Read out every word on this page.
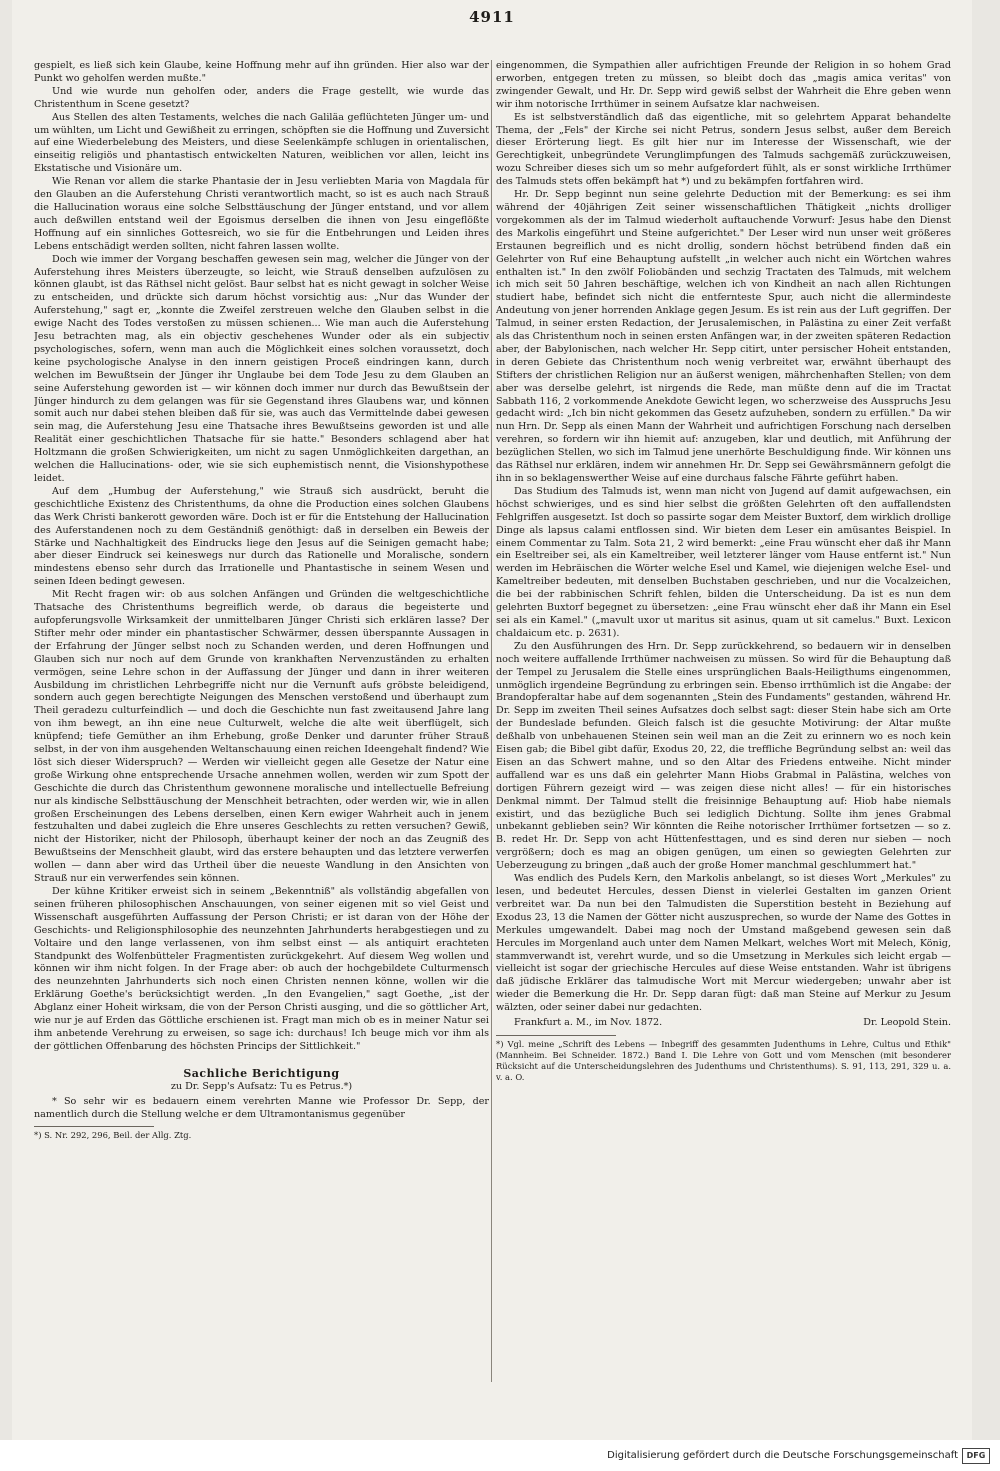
4911

gespielt, es ließ sich kein Glaube, keine Hoffnung mehr auf ihn gründen. Hier also war der Punkt wo geholfen werden mußte."

Und wie wurde nun geholfen oder, anders die Frage gestellt, wie wurde das Christenthum in Scene gesetzt?

Aus Stellen des alten Testaments, welches die nach Galiläa geflüchteten Jünger um- und um wühlten, um Licht und Gewißheit zu erringen, schöpften sie die Hoffnung und Zuversicht auf eine Wiederbelebung des Meisters, und diese Seelenkämpfe schlugen in orientalischen, einseitig religiös und phantastisch entwickelten Naturen, weiblichen vor allen, leicht ins Ekstatische und Visionäre um.

Wie Renan vor allem die starke Phantasie der in Jesu verliebten Maria von Magdala für den Glauben an die Auferstehung Christi verantwortlich macht, so ist es auch nach Strauß die Hallucination woraus eine solche Selbsttäuschung der Jünger entstand, und vor allem auch deßwillen entstand weil der Egoismus derselben die ihnen von Jesu eingeflößte Hoffnung auf ein sinnliches Gottesreich, wo sie für die Entbehrungen und Leiden ihres Lebens entschädigt werden sollten, nicht fahren lassen wollte.

Doch wie immer der Vorgang beschaffen gewesen sein mag, welcher die Jünger von der Auferstehung ihres Meisters überzeugte, so leicht, wie Strauß denselben aufzulösen zu können glaubt, ist das Räthsel nicht gelöst. Baur selbst hat es nicht gewagt in solcher Weise zu entscheiden, und drückte sich darum höchst vorsichtig aus: „Nur das Wunder der Auferstehung," sagt er, „konnte die Zweifel zerstreuen welche den Glauben selbst in die ewige Nacht des Todes verstoßen zu müssen schienen... Wie man auch die Auferstehung Jesu betrachten mag, als ein objectiv geschehenes Wunder oder als ein subjectiv psychologisches, sofern, wenn man auch die Möglichkeit eines solchen voraussetzt, doch keine psychologische Analyse in den innern geistigen Proceß eindringen kann, durch welchen im Bewußtsein der Jünger ihr Unglaube bei dem Tode Jesu zu dem Glauben an seine Auferstehung geworden ist — wir können doch immer nur durch das Bewußtsein der Jünger hindurch zu dem gelangen was für sie Gegenstand ihres Glaubens war, und können somit auch nur dabei stehen bleiben daß für sie, was auch das Vermittelnde dabei gewesen sein mag, die Auferstehung Jesu eine Thatsache ihres Bewußtseins geworden ist und alle Realität einer geschichtlichen Thatsache für sie hatte." Besonders schlagend aber hat Holtzmann die großen Schwierigkeiten, um nicht zu sagen Unmöglichkeiten dargethan, an welchen die Hallucinations- oder, wie sie sich euphemistisch nennt, die Visionshypothese leidet.

Auf dem „Humbug der Auferstehung," wie Strauß sich ausdrückt, beruht die geschichtliche Existenz des Christenthums, da ohne die Production eines solchen Glaubens das Werk Christi bankerott geworden wäre. Doch ist er für die Entstehung der Hallucination des Auferstandenen noch zu dem Geständniß genöthigt: daß in derselben ein Beweis der Stärke und Nachhaltigkeit des Eindrucks liege den Jesus auf die Seinigen gemacht habe; aber dieser Eindruck sei keineswegs nur durch das Rationelle und Moralische, sondern mindestens ebenso sehr durch das Irrationelle und Phantastische in seinem Wesen und seinen Ideen bedingt gewesen.

Mit Recht fragen wir: ob aus solchen Anfängen und Gründen die weltgeschichtliche Thatsache des Christenthums begreiflich werde, ob daraus die begeisterte und aufopferungsvolle Wirksamkeit der unmittelbaren Jünger Christi sich erklären lasse? Der Stifter mehr oder minder ein phantastischer Schwärmer, dessen überspannte Aussagen in der Erfahrung der Jünger selbst noch zu Schanden werden, und deren Hoffnungen und Glauben sich nur noch auf dem Grunde von krankhaften Nervenzuständen zu erhalten vermögen, seine Lehre schon in der Auffassung der Jünger und dann in ihrer weiteren Ausbildung im christlichen Lehrbegriffe nicht nur die Vernunft aufs gröbste beleidigend, sondern auch gegen berechtigte Neigungen des Menschen verstoßend und überhaupt zum Theil geradezu culturfeindlich — und doch die Geschichte nun fast zweitausend Jahre lang von ihm bewegt, an ihn eine neue Culturwelt, welche die alte weit überflügelt, sich knüpfend; tiefe Gemüther an ihm Erhebung, große Denker und darunter früher Strauß selbst, in der von ihm ausgehenden Weltanschauung einen reichen Ideengehalt findend? Wie löst sich dieser Widerspruch? — Werden wir vielleicht gegen alle Gesetze der Natur eine große Wirkung ohne entsprechende Ursache annehmen wollen, werden wir zum Spott der Geschichte die durch das Christenthum gewonnene moralische und intellectuelle Befreiung nur als kindische Selbsttäuschung der Menschheit betrachten, oder werden wir, wie in allen großen Erscheinungen des Lebens derselben, einen Kern ewiger Wahrheit auch in jenem festzuhalten und dabei zugleich die Ehre unseres Geschlechts zu retten versuchen? Gewiß, nicht der Historiker, nicht der Philosoph, überhaupt keiner der noch an das Zeugniß des Bewußtseins der Menschheit glaubt, wird das erstere behaupten und das letztere verwerfen wollen — dann aber wird das Urtheil über die neueste Wandlung in den Ansichten von Strauß nur ein verwerfendes sein können.

Der kühne Kritiker erweist sich in seinem „Bekenntniß" als vollständig abgefallen von seinen früheren philosophischen Anschauungen, von seiner eigenen mit so viel Geist und Wissenschaft ausgeführten Auffassung der Person Christi; er ist daran von der Höhe der Geschichts- und Religionsphilosophie des neunzehnten Jahrhunderts herabgestiegen und zu Voltaire und den lange verlassenen, von ihm selbst einst — als antiquirt erachteten Standpunkt des Wolfenbütteler Fragmentisten zurückgekehrt. Auf diesem Weg wollen und können wir ihm nicht folgen. In der Frage aber: ob auch der hochgebildete Culturmensch des neunzehnten Jahrhunderts sich noch einen Christen nennen könne, wollen wir die Erklärung Goethe's berücksichtigt werden. „In den Evangelien," sagt Goethe, „ist der Abglanz einer Hoheit wirksam, die von der Person Christi ausging, und die so göttlicher Art, wie nur je auf Erden das Göttliche erschienen ist. Fragt man mich ob es in meiner Natur sei ihm anbetende Verehrung zu erweisen, so sage ich: durchaus! Ich beuge mich vor ihm als der göttlichen Offenbarung des höchsten Princips der Sittlichkeit."

Sachliche Berichtigung
zu Dr. Sepp's Aufsatz: Tu es Petrus.*)

* So sehr wir es bedauern einem verehrten Manne wie Professor Dr. Sepp, der namentlich durch die Stellung welche er dem Ultramontanismus gegenüber

*) S. Nr. 292, 296, Beil. der Allg. Ztg.

eingenommen, die Sympathien aller aufrichtigen Freunde der Religion in so hohem Grad erworben, entgegen treten zu müssen, so bleibt doch das „magis amica veritas" von zwingender Gewalt, und Hr. Dr. Sepp wird gewiß selbst der Wahrheit die Ehre geben wenn wir ihm notorische Irrthümer in seinem Aufsatze klar nachweisen.

Es ist selbstverständlich daß das eigentliche, mit so gelehrtem Apparat behandelte Thema, der „Fels" der Kirche sei nicht Petrus, sondern Jesus selbst, außer dem Bereich dieser Erörterung liegt. Es gilt hier nur im Interesse der Wissenschaft, wie der Gerechtigkeit, unbegründete Verunglimpfungen des Talmuds sachgemäß zurückzuweisen, wozu Schreiber dieses sich um so mehr aufgefordert fühlt, als er sonst wirkliche Irrthümer des Talmuds stets offen bekämpft hat *) und zu bekämpfen fortfahren wird.

Hr. Dr. Sepp beginnt nun seine gelehrte Deduction mit der Bemerkung: es sei ihm während der 40jährigen Zeit seiner wissenschaftlichen Thätigkeit „nichts drolliger vorgekommen als der im Talmud wiederholt auftauchende Vorwurf: Jesus habe den Dienst des Markolis eingeführt und Steine aufgerichtet." Der Leser wird nun unser weit größeres Erstaunen begreiflich und es nicht drollig, sondern höchst betrübend finden daß ein Gelehrter von Ruf eine Behauptung aufstellt „in welcher auch nicht ein Wörtchen wahres enthalten ist." In den zwölf Foliobänden und sechzig Tractaten des Talmuds, mit welchem ich mich seit 50 Jahren beschäftige, welchen ich von Kindheit an nach allen Richtungen studiert habe, befindet sich nicht die entfernteste Spur, auch nicht die allermindeste Andeutung von jener horrenden Anklage gegen Jesum. Es ist rein aus der Luft gegriffen. Der Talmud, in seiner ersten Redaction, der Jerusalemischen, in Palästina zu einer Zeit verfaßt als das Christenthum noch in seinen ersten Anfängen war, in der zweiten späteren Redaction aber, der Babylonischen, nach welcher Hr. Sepp citirt, unter persischer Hoheit entstanden, in deren Gebiete das Christenthum noch wenig verbreitet war, erwähnt überhaupt des Stifters der christlichen Religion nur an äußerst wenigen, mährchenhaften Stellen; von dem aber was derselbe gelehrt, ist nirgends die Rede, man müßte denn auf die im Tractat Sabbath 116, 2 vorkommende Anekdote Gewicht legen, wo scherzweise des Ausspruchs Jesu gedacht wird: „Ich bin nicht gekommen das Gesetz aufzuheben, sondern zu erfüllen." Da wir nun Hrn. Dr. Sepp als einen Mann der Wahrheit und aufrichtigen Forschung nach derselben verehren, so fordern wir ihn hiemit auf: anzugeben, klar und deutlich, mit Anführung der bezüglichen Stellen, wo sich im Talmud jene unerhörte Beschuldigung finde. Wir können uns das Räthsel nur erklären, indem wir annehmen Hr. Dr. Sepp sei Gewährsmännern gefolgt die ihn in so beklagenswerther Weise auf eine durchaus falsche Fährte geführt haben.

Das Studium des Talmuds ist, wenn man nicht von Jugend auf damit aufgewachsen, ein höchst schwieriges, und es sind hier selbst die größten Gelehrten oft den auffallendsten Fehlgriffen ausgesetzt. Ist doch so passirte sogar dem Meister Buxtorf, dem wirklich drollige Dinge als lapsus calami entflossen sind. Wir bieten dem Leser ein amüsantes Beispiel. In einem Commentar zu Talm. Sota 21, 2 wird bemerkt: „eine Frau wünscht eher daß ihr Mann ein Eseltreiber sei, als ein Kameltreiber, weil letzterer länger vom Hause entfernt ist." Nun werden im Hebräischen die Wörter welche Esel und Kamel, wie diejenigen welche Esel- und Kameltreiber bedeuten, mit denselben Buchstaben geschrieben, und nur die Vocalzeichen, die bei der rabbinischen Schrift fehlen, bilden die Unterscheidung. Da ist es nun dem gelehrten Buxtorf begegnet zu übersetzen: „eine Frau wünscht eher daß ihr Mann ein Esel sei als ein Kamel." („mavult uxor ut maritus sit asinus, quam ut sit camelus." Buxt. Lexicon chaldaicum etc. p. 2631).

Zu den Ausführungen des Hrn. Dr. Sepp zurückkehrend, so bedauern wir in denselben noch weitere auffallende Irrthümer nachweisen zu müssen. So wird für die Behauptung daß der Tempel zu Jerusalem die Stelle eines ursprünglichen Baals-Heiligthums eingenommen, unmöglich irgendeine Begründung zu erbringen sein. Ebenso irrthümlich ist die Angabe: der Brandopferaltar habe auf dem sogenannten „Stein des Fundaments" gestanden, während Hr. Dr. Sepp im zweiten Theil seines Aufsatzes doch selbst sagt: dieser Stein habe sich am Orte der Bundeslade befunden. Gleich falsch ist die gesuchte Motivirung: der Altar mußte deßhalb von unbehauenen Steinen sein weil man an die Zeit zu erinnern wo es noch kein Eisen gab; die Bibel gibt dafür, Exodus 20, 22, die treffliche Begründung selbst an: weil das Eisen an das Schwert mahne, und so den Altar des Friedens entweihe. Nicht minder auffallend war es uns daß ein gelehrter Mann Hiobs Grabmal in Palästina, welches von dortigen Führern gezeigt wird — was zeigen diese nicht alles! — für ein historisches Denkmal nimmt. Der Talmud stellt die freisinnige Behauptung auf: Hiob habe niemals existirt, und das bezügliche Buch sei lediglich Dichtung. Sollte ihm jenes Grabmal unbekannt geblieben sein? Wir könnten die Reihe notorischer Irrthümer fortsetzen — so z. B. redet Hr. Dr. Sepp von acht Hüttenfesttagen, und es sind deren nur sieben — noch vergrößern; doch es mag an obigen genügen, um einen so gewiegten Gelehrten zur Ueberzeugung zu bringen „daß auch der große Homer manchmal geschlummert hat."

Was endlich des Pudels Kern, den Markolis anbelangt, so ist dieses Wort „Merkules" zu lesen, und bedeutet Hercules, dessen Dienst in vielerlei Gestalten im ganzen Orient verbreitet war. Da nun bei den Talmudisten die Superstition besteht in Beziehung auf Exodus 23, 13 die Namen der Götter nicht auszusprechen, so wurde der Name des Gottes in Merkules umgewandelt. Dabei mag noch der Umstand maßgebend gewesen sein daß Hercules im Morgenland auch unter dem Namen Melkart, welches Wort mit Melech, König, stammverwandt ist, verehrt wurde, und so die Umsetzung in Merkules sich leicht ergab — vielleicht ist sogar der griechische Hercules auf diese Weise entstanden. Wahr ist übrigens daß jüdische Erklärer das talmudische Wort mit Mercur wiedergeben; unwahr aber ist wieder die Bemerkung die Hr. Dr. Sepp daran fügt: daß man Steine auf Merkur zu Jesum wälzten, oder seiner dabei nur gedachten.

Frankfurt a. M., im Nov. 1872.	Dr. Leopold Stein.

*) Vgl. meine „Schrift des Lebens — Inbegriff des gesammten Judenthums in Lehre, Cultus und Ethik" (Mannheim. Bei Schneider. 1872.) Band I. Die Lehre von Gott und vom Menschen (mit besonderer Rücksicht auf die Unterscheidungslehren des Judenthums und Christenthums). S. 91, 113, 291, 329 u. a. v. a. O.

Digitalisierung gefördert durch die Deutsche Forschungsgemeinschaft	DFG
